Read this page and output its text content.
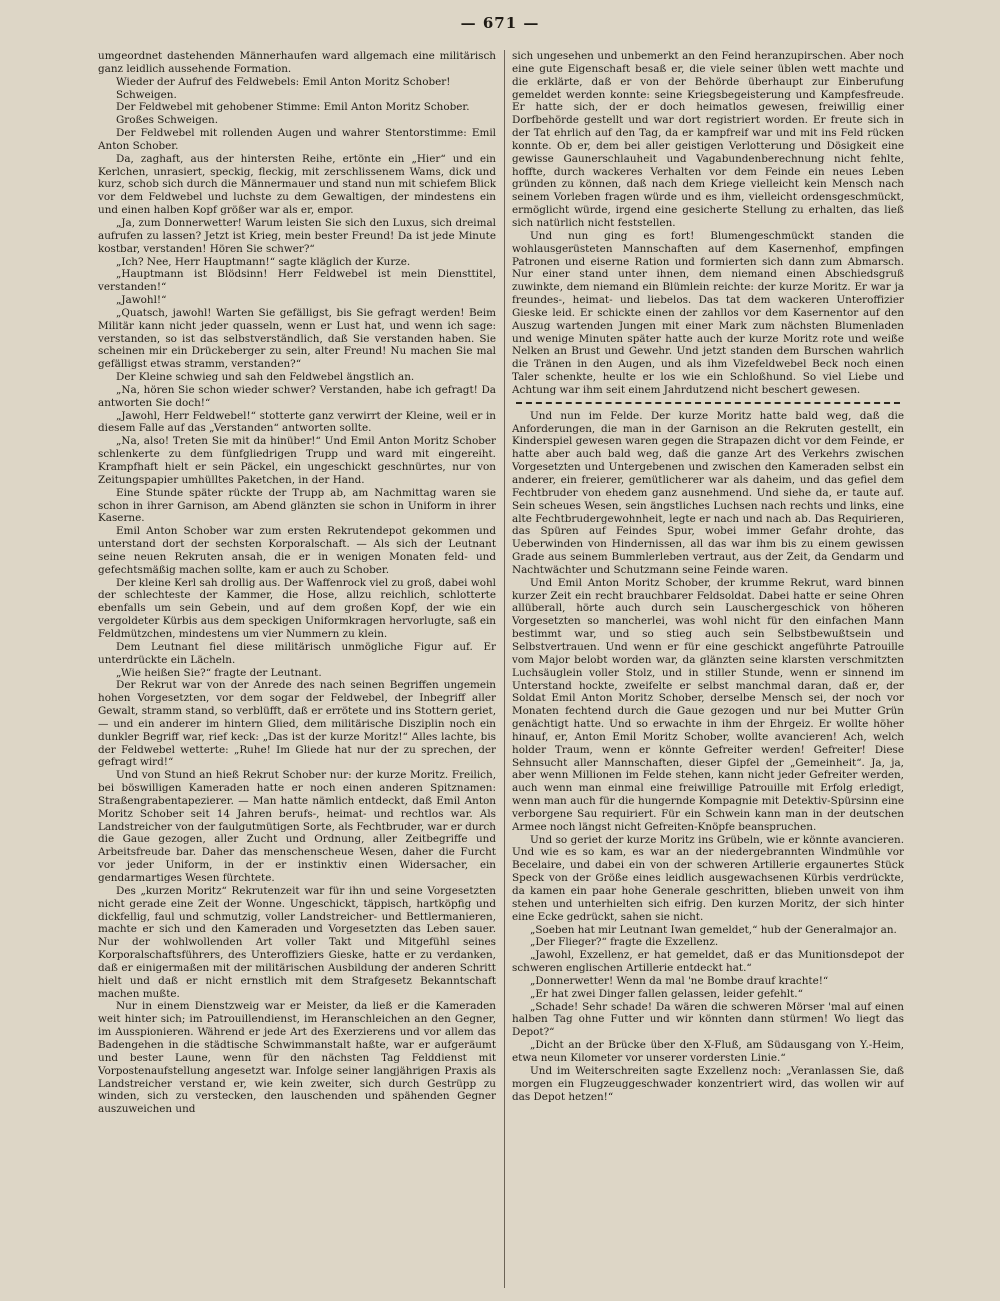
— 671 —

umgeordnet dastehenden Männerhaufen ward allgemach eine militärisch ganz leidlich aussehende Formation.

Wieder der Aufruf des Feldwebels: Emil Anton Moritz Schober!

Schweigen.

Der Feldwebel mit gehobener Stimme: Emil Anton Moritz Schober.

Großes Schweigen.

Der Feldwebel mit rollenden Augen und wahrer Stentorstimme: Emil Anton Schober.

Da, zaghaft, aus der hintersten Reihe, ertönte ein „Hier“ und ein Kerlchen, unrasiert, speckig, fleckig, mit zerschlissenem Wams, dick und kurz, schob sich durch die Männermauer und stand nun mit schiefem Blick vor dem Feldwebel und luchste zu dem Gewaltigen, der mindestens ein und einen halben Kopf größer war als er, empor.

„Ja, zum Donnerwetter! Warum leisten Sie sich den Luxus, sich dreimal aufrufen zu lassen? Jetzt ist Krieg, mein bester Freund! Da ist jede Minute kostbar, verstanden! Hören Sie schwer?“

„Ich? Nee, Herr Hauptmann!“ sagte kläglich der Kurze.

„Hauptmann ist Blödsinn! Herr Feldwebel ist mein Diensttitel, verstanden!“

„Jawohl!“

„Quatsch, jawohl! Warten Sie gefälligst, bis Sie gefragt werden! Beim Militär kann nicht jeder quasseln, wenn er Lust hat, und wenn ich sage: verstanden, so ist das selbstverständlich, daß Sie verstanden haben. Sie scheinen mir ein Drückeberger zu sein, alter Freund! Nu machen Sie mal gefälligst etwas stramm, verstanden?“

Der Kleine schwieg und sah den Feldwebel ängstlich an.

„Na, hören Sie schon wieder schwer? Verstanden, habe ich gefragt! Da antworten Sie doch!“

„Jawohl, Herr Feldwebel!“ stotterte ganz verwirrt der Kleine, weil er in diesem Falle auf das „Verstanden“ antworten sollte.

„Na, also! Treten Sie mit da hinüber!“ Und Emil Anton Moritz Schober schlenkerte zu dem fünfgliedrigen Trupp und ward mit eingereiht. Krampfhaft hielt er sein Päckel, ein ungeschickt geschnürtes, nur von Zeitungspapier umhülltes Paketchen, in der Hand.

Eine Stunde später rückte der Trupp ab, am Nachmittag waren sie schon in ihrer Garnison, am Abend glänzten sie schon in Uniform in ihrer Kaserne.

Emil Anton Schober war zum ersten Rekrutendepot gekommen und unterstand dort der sechsten Korporalschaft. — Als sich der Leutnant seine neuen Rekruten ansah, die er in wenigen Monaten feld- und gefechtsmäßig machen sollte, kam er auch zu Schober.

Der kleine Kerl sah drollig aus. Der Waffenrock viel zu groß, dabei wohl der schlechteste der Kammer, die Hose, allzu reichlich, schlotterte ebenfalls um sein Gebein, und auf dem großen Kopf, der wie ein vergoldeter Kürbis aus dem speckigen Uniformkragen hervorlugte, saß ein Feldmützchen, mindestens um vier Nummern zu klein.

Dem Leutnant fiel diese militärisch unmögliche Figur auf. Er unterdrückte ein Lächeln.

„Wie heißen Sie?“ fragte der Leutnant.

Der Rekrut war von der Anrede des nach seinen Begriffen ungemein hohen Vorgesetzten, vor dem sogar der Feldwebel, der Inbegriff aller Gewalt, stramm stand, so verblüfft, daß er errötete und ins Stottern geriet, — und ein anderer im hintern Glied, dem militärische Disziplin noch ein dunkler Begriff war, rief keck: „Das ist der kurze Moritz!“ Alles lachte, bis der Feldwebel wetterte: „Ruhe! Im Gliede hat nur der zu sprechen, der gefragt wird!“

Und von Stund an hieß Rekrut Schober nur: der kurze Moritz. Freilich, bei böswilligen Kameraden hatte er noch einen anderen Spitznamen: Straßengrabentapezierer. — Man hatte nämlich entdeckt, daß Emil Anton Moritz Schober seit 14 Jahren berufs-, heimat- und rechtlos war. Als Landstreicher von der faulgutmütigen Sorte, als Fechtbruder, war er durch die Gaue gezogen, aller Zucht und Ordnung, aller Zeitbegriffe und Arbeitsfreude bar. Daher das menschenscheue Wesen, daher die Furcht vor jeder Uniform, in der er instinktiv einen Widersacher, ein gendarmartiges Wesen fürchtete.

Des „kurzen Moritz“ Rekrutenzeit war für ihn und seine Vorgesetzten nicht gerade eine Zeit der Wonne. Ungeschickt, täppisch, hartköpfig und dickfellig, faul und schmutzig, voller Landstreicher- und Bettlermanieren, machte er sich und den Kameraden und Vorgesetzten das Leben sauer. Nur der wohlwollenden Art voller Takt und Mitgefühl seines Korporalschaftsführers, des Unteroffiziers Gieske, hatte er zu verdanken, daß er einigermaßen mit der militärischen Ausbildung der anderen Schritt hielt und daß er nicht ernstlich mit dem Strafgesetz Bekanntschaft machen mußte.

Nur in einem Dienstzweig war er Meister, da ließ er die Kameraden weit hinter sich; im Patrouillendienst, im Heranschleichen an den Gegner, im Ausspionieren. Während er jede Art des Exerzierens und vor allem das Badengehen in die städtische Schwimmanstalt haßte, war er aufgeräumt und bester Laune, wenn für den nächsten Tag Felddienst mit Vorpostenaufstellung angesetzt war. Infolge seiner langjährigen Praxis als Landstreicher verstand er, wie kein zweiter, sich durch Gestrüpp zu winden, sich zu verstecken, den lauschenden und spähenden Gegner auszuweichen und

sich ungesehen und unbemerkt an den Feind heranzupirschen. Aber noch eine gute Eigenschaft besaß er, die viele seiner üblen wett machte und die erklärte, daß er von der Behörde überhaupt zur Einberufung gemeldet werden konnte: seine Kriegsbegeisterung und Kampfesfreude. Er hatte sich, der er doch heimatlos gewesen, freiwillig einer Dorfbehörde gestellt und war dort registriert worden. Er freute sich in der Tat ehrlich auf den Tag, da er kampfreif war und mit ins Feld rücken konnte. Ob er, dem bei aller geistigen Verlotterung und Dösigkeit eine gewisse Gaunerschlauheit und Vagabundenberechnung nicht fehlte, hoffte, durch wackeres Verhalten vor dem Feinde ein neues Leben gründen zu können, daß nach dem Kriege vielleicht kein Mensch nach seinem Vorleben fragen würde und es ihm, vielleicht ordensgeschmückt, ermöglicht würde, irgend eine gesicherte Stellung zu erhalten, das ließ sich natürlich nicht feststellen.

Und nun ging es fort! Blumengeschmückt standen die wohlausgerüsteten Mannschaften auf dem Kasernenhof, empfingen Patronen und eiserne Ration und formierten sich dann zum Abmarsch. Nur einer stand unter ihnen, dem niemand einen Abschiedsgruß zuwinkte, dem niemand ein Blümlein reichte: der kurze Moritz. Er war ja freundes-, heimat- und liebelos. Das tat dem wackeren Unteroffizier Gieske leid. Er schickte einen der zahllos vor dem Kasernentor auf den Auszug wartenden Jungen mit einer Mark zum nächsten Blumenladen und wenige Minuten später hatte auch der kurze Moritz rote und weiße Nelken an Brust und Gewehr. Und jetzt standen dem Burschen wahrlich die Tränen in den Augen, und als ihm Vizefeldwebel Beck noch einen Taler schenkte, heulte er los wie ein Schloßhund. So viel Liebe und Achtung war ihm seit einem Jahrdutzend nicht beschert gewesen.

Und nun im Felde. Der kurze Moritz hatte bald weg, daß die Anforderungen, die man in der Garnison an die Rekruten gestellt, ein Kinderspiel gewesen waren gegen die Strapazen dicht vor dem Feinde, er hatte aber auch bald weg, daß die ganze Art des Verkehrs zwischen Vorgesetzten und Untergebenen und zwischen den Kameraden selbst ein anderer, ein freierer, gemütlicherer war als daheim, und das gefiel dem Fechtbruder von ehedem ganz ausnehmend. Und siehe da, er taute auf. Sein scheues Wesen, sein ängstliches Luchsen nach rechts und links, eine alte Fechtbrudergewohnheit, legte er nach und nach ab. Das Requirieren, das Spüren auf Feindes Spur, wobei immer Gefahr drohte, das Ueberwinden von Hindernissen, all das war ihm bis zu einem gewissen Grade aus seinem Bummlerleben vertraut, aus der Zeit, da Gendarm und Nachtwächter und Schutzmann seine Feinde waren.

Und Emil Anton Moritz Schober, der krumme Rekrut, ward binnen kurzer Zeit ein recht brauchbarer Feldsoldat. Dabei hatte er seine Ohren allüberall, hörte auch durch sein Lauschergeschick von höheren Vorgesetzten so mancherlei, was wohl nicht für den einfachen Mann bestimmt war, und so stieg auch sein Selbstbewußtsein und Selbstvertrauen. Und wenn er für eine geschickt angeführte Patrouille vom Major belobt worden war, da glänzten seine klarsten verschmitzten Luchsäuglein voller Stolz, und in stiller Stunde, wenn er sinnend im Unterstand hockte, zweifelte er selbst manchmal daran, daß er, der Soldat Emil Anton Moritz Schober, derselbe Mensch sei, der noch vor Monaten fechtend durch die Gaue gezogen und nur bei Mutter Grün genächtigt hatte. Und so erwachte in ihm der Ehrgeiz. Er wollte höher hinauf, er, Anton Emil Moritz Schober, wollte avancieren! Ach, welch holder Traum, wenn er könnte Gefreiter werden! Gefreiter! Diese Sehnsucht aller Mannschaften, dieser Gipfel der „Gemeinheit“. Ja, ja, aber wenn Millionen im Felde stehen, kann nicht jeder Gefreiter werden, auch wenn man einmal eine freiwillige Patrouille mit Erfolg erledigt, wenn man auch für die hungernde Kompagnie mit Detektiv-Spürsinn eine verborgene Sau requiriert. Für ein Schwein kann man in der deutschen Armee noch längst nicht Gefreiten-Knöpfe beanspruchen.

Und so geriet der kurze Moritz ins Grübeln, wie er könnte avancieren. Und wie es so kam, es war an der niedergebrannten Windmühle vor Becelaire, und dabei ein von der schweren Artillerie ergaunertes Stück Speck von der Größe eines leidlich ausgewachsenen Kürbis verdrückte, da kamen ein paar hohe Generale geschritten, blieben unweit von ihm stehen und unterhielten sich eifrig. Den kurzen Moritz, der sich hinter eine Ecke gedrückt, sahen sie nicht.

„Soeben hat mir Leutnant Iwan gemeldet,“ hub der Generalmajor an.

„Der Flieger?“ fragte die Exzellenz.

„Jawohl, Exzellenz, er hat gemeldet, daß er das Munitionsdepot der schweren englischen Artillerie entdeckt hat.“

„Donnerwetter! Wenn da mal 'ne Bombe drauf krachte!“

„Er hat zwei Dinger fallen gelassen, leider gefehlt.“

„Schade! Sehr schade! Da wären die schweren Mörser 'mal auf einen halben Tag ohne Futter und wir könnten dann stürmen! Wo liegt das Depot?“

„Dicht an der Brücke über den X-Fluß, am Südausgang von Y.-Heim, etwa neun Kilometer vor unserer vordersten Linie.“

Und im Weiterschreiten sagte Exzellenz noch: „Veranlassen Sie, daß morgen ein Flugzeuggeschwader konzentriert wird, das wollen wir auf das Depot hetzen!“
